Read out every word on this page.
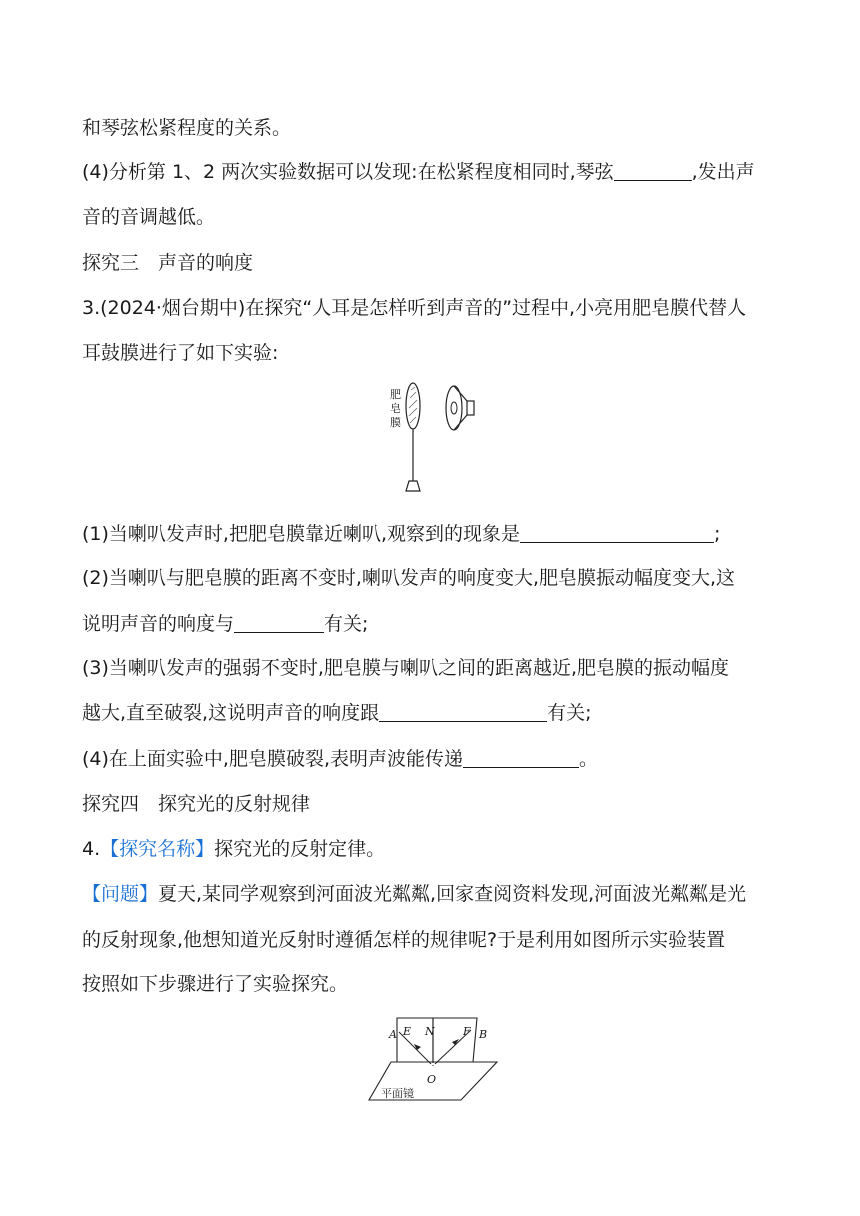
和琴弦松紧程度的关系。
(4)分析第 1、2 两次实验数据可以发现:在松紧程度相同时,琴弦	,发出声
音的音调越低。
探究三　声音的响度
3.(2024·烟台期中)在探究“人耳是怎样听到声音的”过程中,小亮用肥皂膜代替人
耳鼓膜进行了如下实验:
肥
皂
膜
(1)当喇叭发声时,把肥皂膜靠近喇叭,观察到的现象是	;
(2)当喇叭与肥皂膜的距离不变时,喇叭发声的响度变大,肥皂膜振动幅度变大,这
说明声音的响度与	有关;
(3)当喇叭发声的强弱不变时,肥皂膜与喇叭之间的距离越近,肥皂膜的振动幅度
越大,直至破裂,这说明声音的响度跟	有关;
(4)在上面实验中,肥皂膜破裂,表明声波能传递	。
探究四　探究光的反射规律
4.【探究名称】探究光的反射定律。
【问题】夏天,某同学观察到河面波光粼粼,回家查阅资料发现,河面波光粼粼是光
的反射现象,他想知道光反射时遵循怎样的规律呢?于是利用如图所示实验装置
按照如下步骤进行了实验探究。
A E N	F B
O
平面镜
